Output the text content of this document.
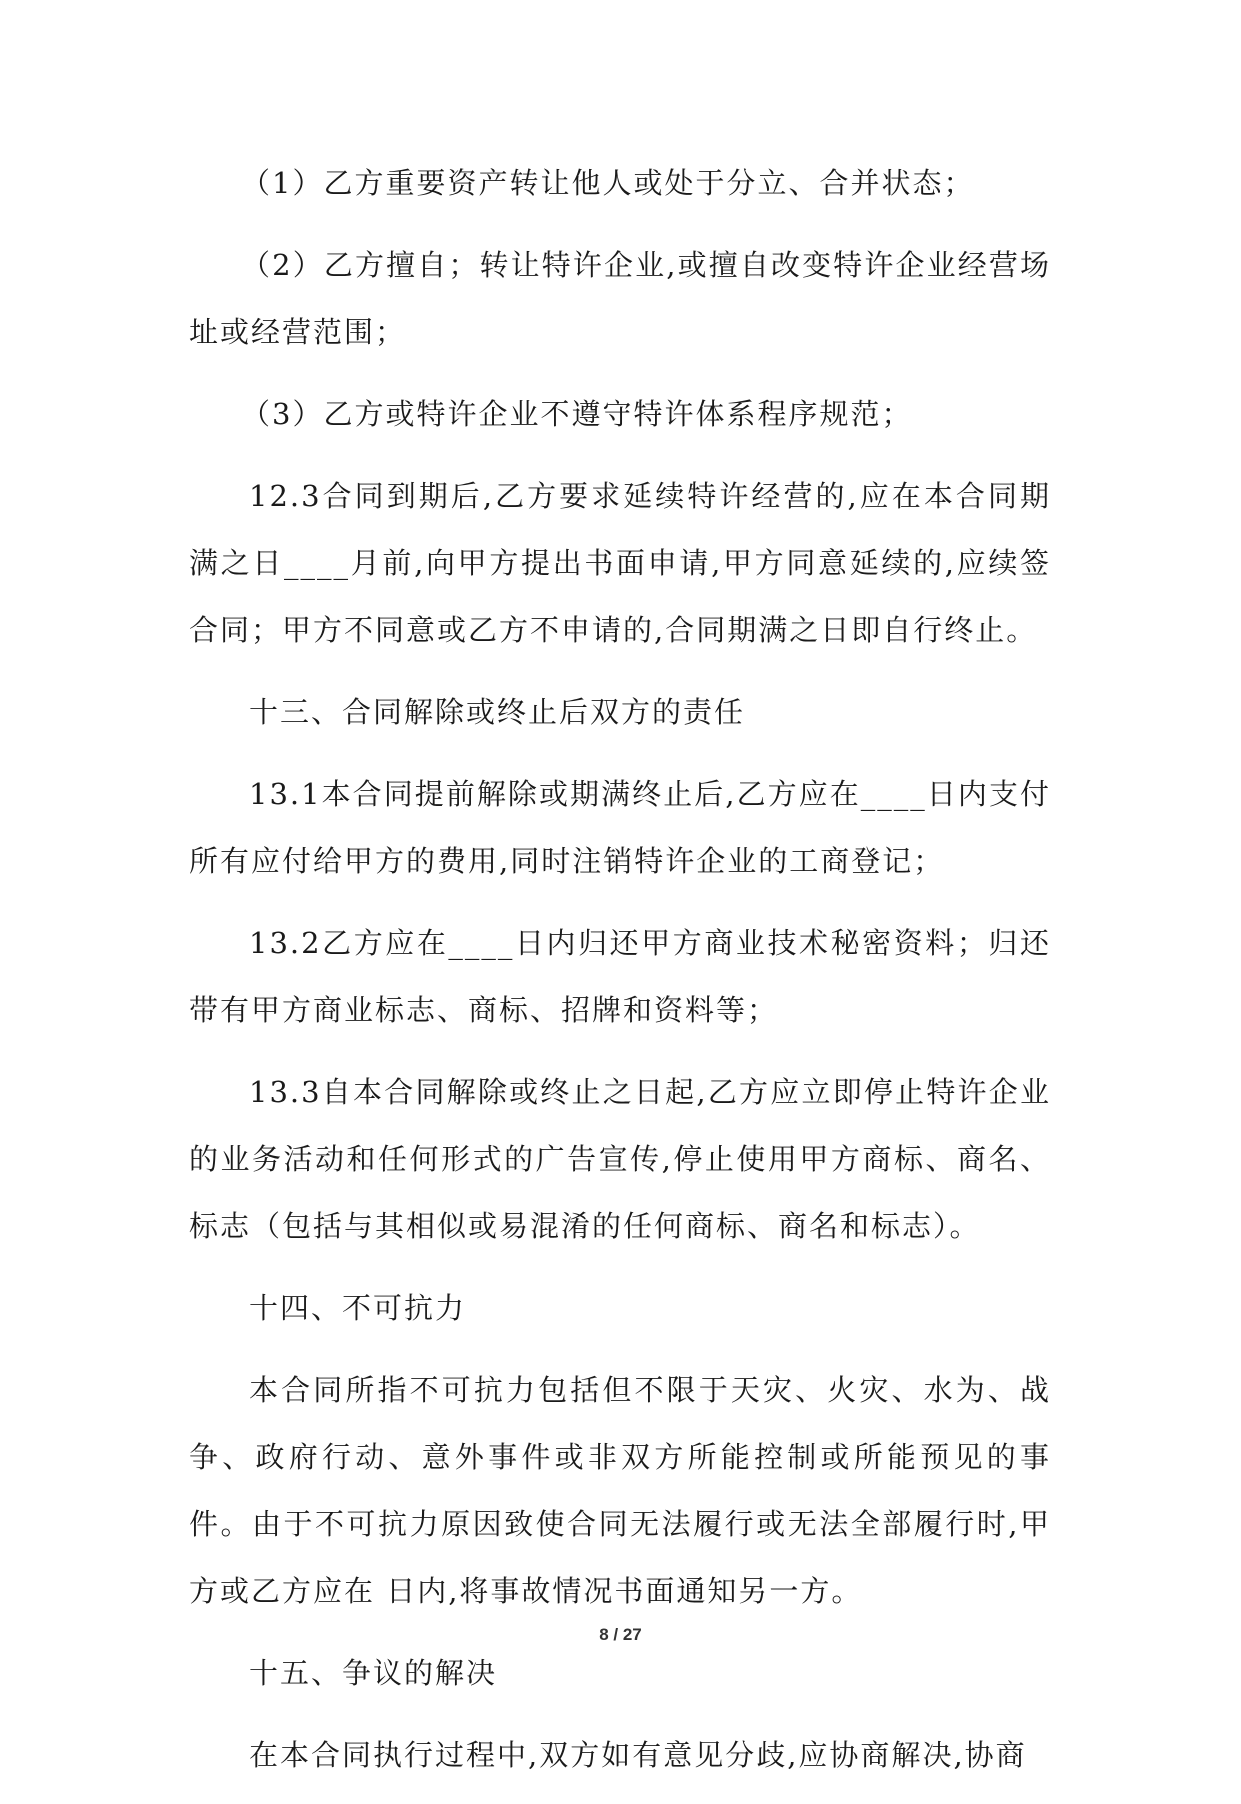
（1）乙方重要资产转让他人或处于分立、合并状态；

（2）乙方擅自；转让特许企业,或擅自改变特许企业经营场址或经营范围；

（3）乙方或特许企业不遵守特许体系程序规范；

12.3合同到期后,乙方要求延续特许经营的,应在本合同期满之日____月前,向甲方提出书面申请,甲方同意延续的,应续签合同；甲方不同意或乙方不申请的,合同期满之日即自行终止。

十三、合同解除或终止后双方的责任

13.1本合同提前解除或期满终止后,乙方应在____日内支付所有应付给甲方的费用,同时注销特许企业的工商登记；

13.2乙方应在____日内归还甲方商业技术秘密资料；归还带有甲方商业标志、商标、招牌和资料等；

13.3自本合同解除或终止之日起,乙方应立即停止特许企业的业务活动和任何形式的广告宣传,停止使用甲方商标、商名、标志（包括与其相似或易混淆的任何商标、商名和标志）。

十四、不可抗力

本合同所指不可抗力包括但不限于天灾、火灾、水为、战争、政府行动、意外事件或非双方所能控制或所能预见的事件。由于不可抗力原因致使合同无法履行或无法全部履行时,甲方或乙方应在 日内,将事故情况书面通知另一方。

十五、争议的解决

在本合同执行过程中,双方如有意见分歧,应协商解决,协商

8 / 27
